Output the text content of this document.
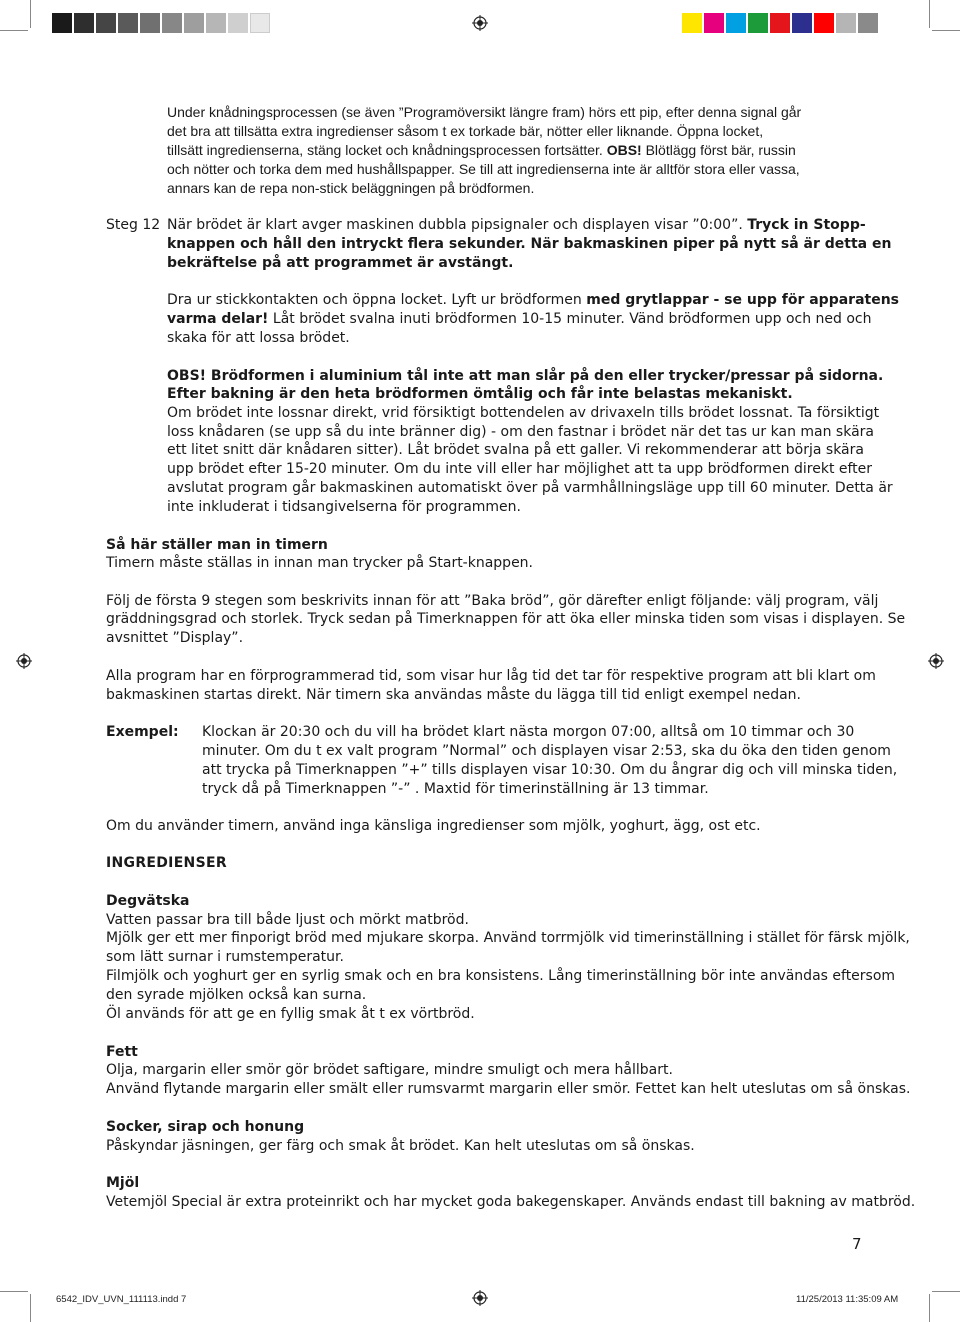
Under knådningsprocessen (se även ”Programöversikt längre fram) hörs ett pip, efter denna signal går

det bra att tillsätta extra ingredienser såsom t ex torkade bär, nötter eller liknande. Öppna locket,

tillsätt ingredienserna, stäng locket och knådningsprocessen fortsätter. OBS! Blötlägg först bär, russin

och nötter och torka dem med hushållspapper. Se till att ingredienserna inte är alltför stora eller vassa,

annars kan de repa non-stick beläggningen på brödformen.

Steg 12 När brödet är klart avger maskinen dubbla pipsignaler och displayen visar ”0:00”. Tryck in Stopp-

knappen och håll den intryckt flera sekunder. När bakmaskinen piper på nytt så är detta en

bekräftelse på att programmet är avstängt.

Dra ur stickkontakten och öppna locket. Lyft ur brödformen med grytlappar - se upp för apparatens

varma delar! Låt brödet svalna inuti brödformen 10-15 minuter. Vänd brödformen upp och ned och

skaka för att lossa brödet.

OBS! Brödformen i aluminium tål inte att man slår på den eller trycker/pressar på sidorna.

Efter bakning är den heta brödformen ömtålig och får inte belastas mekaniskt.

Om brödet inte lossnar direkt, vrid försiktigt bottendelen av drivaxeln tills brödet lossnat. Ta försiktigt

loss knådaren (se upp så du inte bränner dig) - om den fastnar i brödet när det tas ur kan man skära

ett litet snitt där knådaren sitter). Låt brödet svalna på ett galler. Vi rekommenderar att börja skära

upp brödet efter 15-20 minuter. Om du inte vill eller har möjlighet att ta upp brödformen direkt efter

avslutat program går bakmaskinen automatiskt över på varmhållningsläge upp till 60 minuter. Detta är

inte inkluderat i tidsangivelserna för programmen.

Så här ställer man in timern

Timern måste ställas in innan man trycker på Start-knappen.

Följ de första 9 stegen som beskrivits innan för att ”Baka bröd”, gör därefter enligt följande: välj program, välj

gräddningsgrad och storlek. Tryck sedan på Timerknappen för att öka eller minska tiden som visas i displayen. Se

avsnittet ”Display”.

Alla program har en förprogrammerad tid, som visar hur låg tid det tar för respektive program att bli klart om

bakmaskinen startas direkt. När timern ska användas måste du lägga till tid enligt exempel nedan.

Exempel: Klockan är 20:30 och du vill ha brödet klart nästa morgon 07:00, alltså om 10 timmar och 30

minuter. Om du t ex valt program ”Normal” och displayen visar 2:53, ska du öka den tiden genom

att trycka på Timerknappen ”+” tills displayen visar 10:30. Om du ångrar dig och vill minska tiden,

tryck då på Timerknappen ”-” . Maxtid för timerinställning är 13 timmar.

Om du använder timern, använd inga känsliga ingredienser som mjölk, yoghurt, ägg, ost etc.

INGREDIENSER

Degvätska

Vatten passar bra till både ljust och mörkt matbröd.

Mjölk ger ett mer finporigt bröd med mjukare skorpa. Använd torrmjölk vid timerinställning i stället för färsk mjölk,

som lätt surnar i rumstemperatur.

Filmjölk och yoghurt ger en syrlig smak och en bra konsistens. Lång timerinställning bör inte användas eftersom

den syrade mjölken också kan surna.

Öl används för att ge en fyllig smak åt t ex vörtbröd.

Fett

Olja, margarin eller smör gör brödet saftigare, mindre smuligt och mera hållbart.

Använd flytande margarin eller smält eller rumsvarmt margarin eller smör. Fettet kan helt uteslutas om så önskas.

Socker, sirap och honung

Påskyndar jäsningen, ger färg och smak åt brödet. Kan helt uteslutas om så önskas.

Mjöl

Vetemjöl Special är extra proteinrikt och har mycket goda bakegenskaper. Används endast till bakning av matbröd.

7

6542_IDV_UVN_111113.indd 7	11/25/2013 11:35:09 AM
